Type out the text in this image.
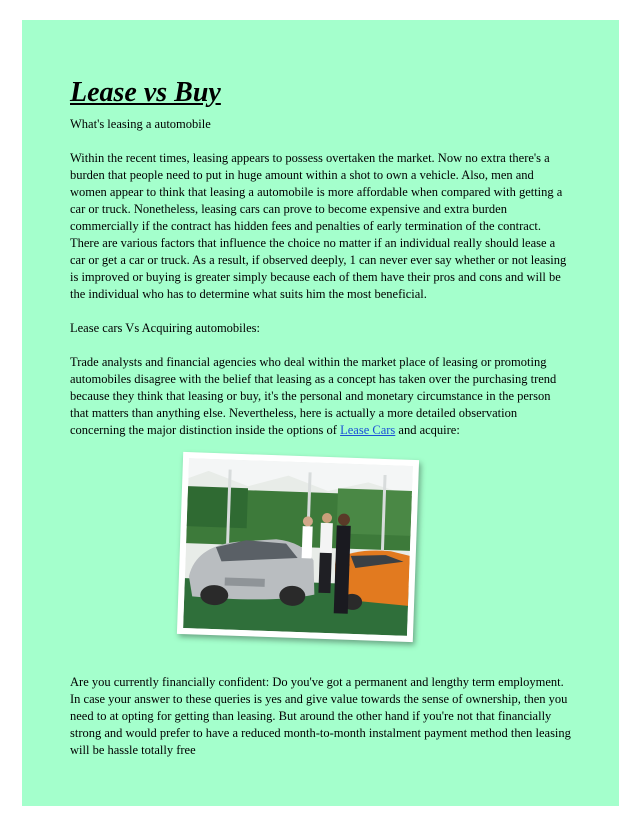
Lease vs Buy

What's leasing a automobile

Within the recent times, leasing appears to possess overtaken the market. Now no extra there's a burden that people need to put in huge amount within a shot to own a vehicle. Also, men and women appear to think that leasing a automobile is more affordable when compared with getting a car or truck. Nonetheless, leasing cars can prove to become expensive and extra burden commercially if the contract has hidden fees and penalties of early termination of the contract. There are various factors that influence the choice no matter if an individual really should lease a car or get a car or truck. As a result, if observed deeply, 1 can never ever say whether or not leasing is improved or buying is greater simply because each of them have their pros and cons and will be the individual who has to determine what suits him the most beneficial.

Lease cars Vs Acquiring automobiles:

Trade analysts and financial agencies who deal within the market place of leasing or promoting automobiles disagree with the belief that leasing as a concept has taken over the purchasing trend because they think that leasing or buy, it's the personal and monetary circumstance in the person that matters than anything else. Nevertheless, here is actually a more detailed observation concerning the major distinction inside the options of Lease Cars and acquire:

Are you currently financially confident: Do you've got a permanent and lengthy term employment. In case your answer to these queries is yes and give value towards the sense of ownership, then you need to at opting for getting than leasing. But around the other hand if you're not that financially strong and would prefer to have a reduced month-to-month instalment payment method then leasing will be hassle totally free
